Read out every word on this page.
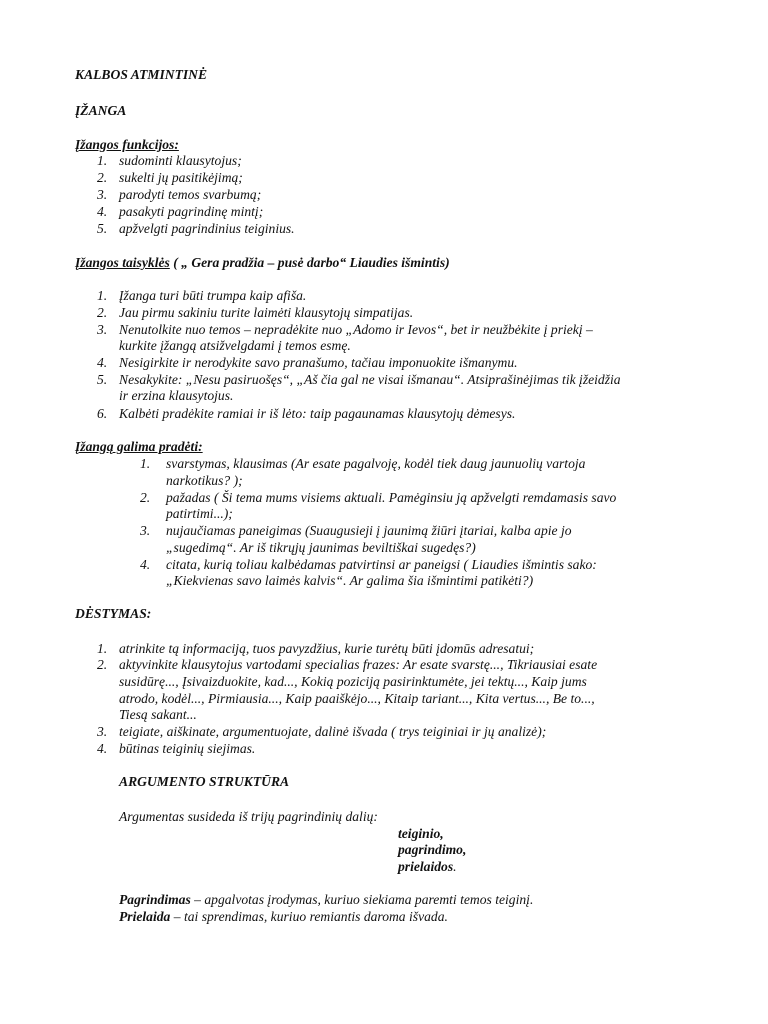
KALBOS ATMINTINĖ
ĮŽANGA
Įžangos funkcijos:
1. sudominti klausytojus;
2. sukelti jų pasitikėjimą;
3. parodyti temos svarbumą;
4. pasakyti pagrindinę mintį;
5. apžvelgti pagrindinius teiginius.
Įžangos taisyklės ( „ Gera pradžia – pusė darbo“ Liaudies išmintis)
1. Įžanga turi būti trumpa kaip afiša.
2. Jau pirmu sakiniu turite laimėti klausytojų simpatijas.
3. Nenutolkite nuo temos – nepradėkite nuo „Adomo ir Ievos“, bet ir neužbėkite į priekį –
kurkite įžangą atsižvelgdami į temos esmę.
4. Nesigirkite ir nerodykite savo pranašumo, tačiau imponuokite išmanymu.
5. Nesakykite: „Nesu pasiruošęs“, „Aš čia gal ne visai išmanau“. Atsiprašinėjimas tik įžeidžia
ir erzina klausytojus.
6. Kalbėti pradėkite ramiai ir iš lėto: taip pagaunamas klausytojų dėmesys.
Įžangą galima pradėti:
1. svarstymas, klausimas (Ar esate pagalvoję, kodėl tiek daug jaunuolių vartoja
narkotikus? );
2. pažadas ( Ši tema mums visiems aktuali. Pamėginsiu ją apžvelgti remdamasis savo
patirtimi...);
3. nujaučiamas paneigimas (Suaugusieji į jaunimą žiūri įtariai, kalba apie jo
„sugedimą“. Ar iš tikrųjų jaunimas beviltiškai sugedęs?)
4. citata, kurią toliau kalbėdamas patvirtinsi ar paneigsi ( Liaudies išmintis sako:
„Kiekvienas savo laimės kalvis“. Ar galima šia išmintimi patikėti?)
DĖSTYMAS:
1. atrinkite tą informaciją, tuos pavyzdžius, kurie turėtų būti įdomūs adresatui;
2. aktyvinkite klausytojus vartodami specialias frazes: Ar esate svarstę..., Tikriausiai esate
susidūrę..., Įsivaizduokite, kad..., Kokią poziciją pasirinktumėte, jei tektų..., Kaip jums
atrodo, kodėl..., Pirmiausia..., Kaip paaiškėjo..., Kitaip tariant..., Kita vertus..., Be to...,
Tiesą sakant...
3. teigiate, aiškinate, argumentuojate, dalinė išvada ( trys teiginiai ir jų analizė);
4. būtinas teiginių siejimas.
ARGUMENTO STRUKTŪRA
Argumentas susideda iš trijų pagrindinių dalių:
teiginio,
pagrindimo,
prielaidos.
Pagrindimas – apgalvotas įrodymas, kuriuo siekiama paremti temos teiginį.
Prielaida – tai sprendimas, kuriuo remiantis daroma išvada.
